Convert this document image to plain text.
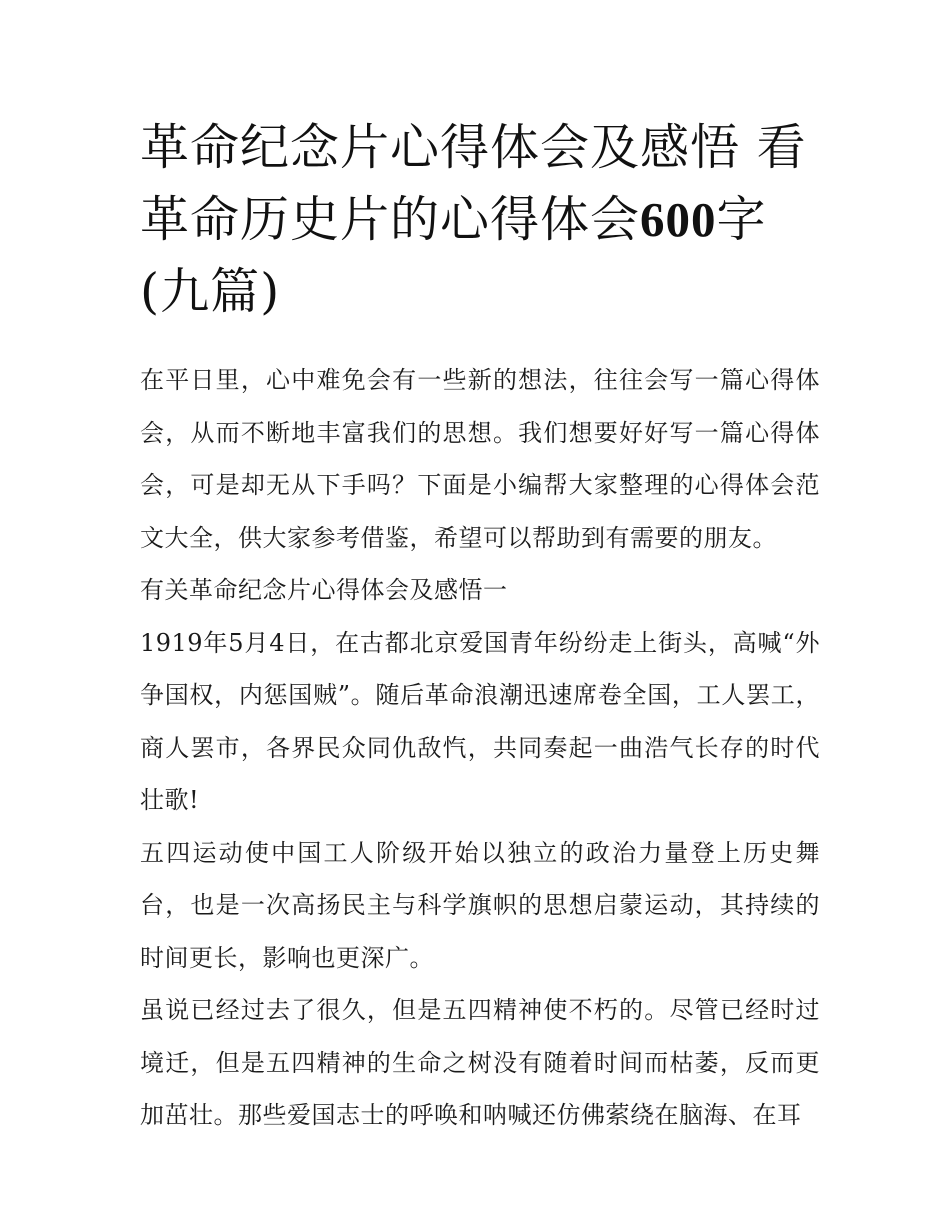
革命纪念片心得体会及感悟 看革命历史片的心得体会600字(九篇)

在平日里，心中难免会有一些新的想法，往往会写一篇心得体会，从而不断地丰富我们的思想。我们想要好好写一篇心得体会，可是却无从下手吗？下面是小编帮大家整理的心得体会范文大全，供大家参考借鉴，希望可以帮助到有需要的朋友。

有关革命纪念片心得体会及感悟一

1919年5月4日，在古都北京爱国青年纷纷走上街头，高喊“外争国权，内惩国贼”。随后革命浪潮迅速席卷全国，工人罢工，商人罢市，各界民众同仇敌忾，共同奏起一曲浩气长存的时代壮歌!

五四运动使中国工人阶级开始以独立的政治力量登上历史舞台，也是一次高扬民主与科学旗帜的思想启蒙运动，其持续的时间更长，影响也更深广。

虽说已经过去了很久，但是五四精神使不朽的。尽管已经时过境迁，但是五四精神的生命之树没有随着时间而枯萎，反而更加茁壮。那些爱国志士的呼唤和呐喊还仿佛萦绕在脑海、在耳
